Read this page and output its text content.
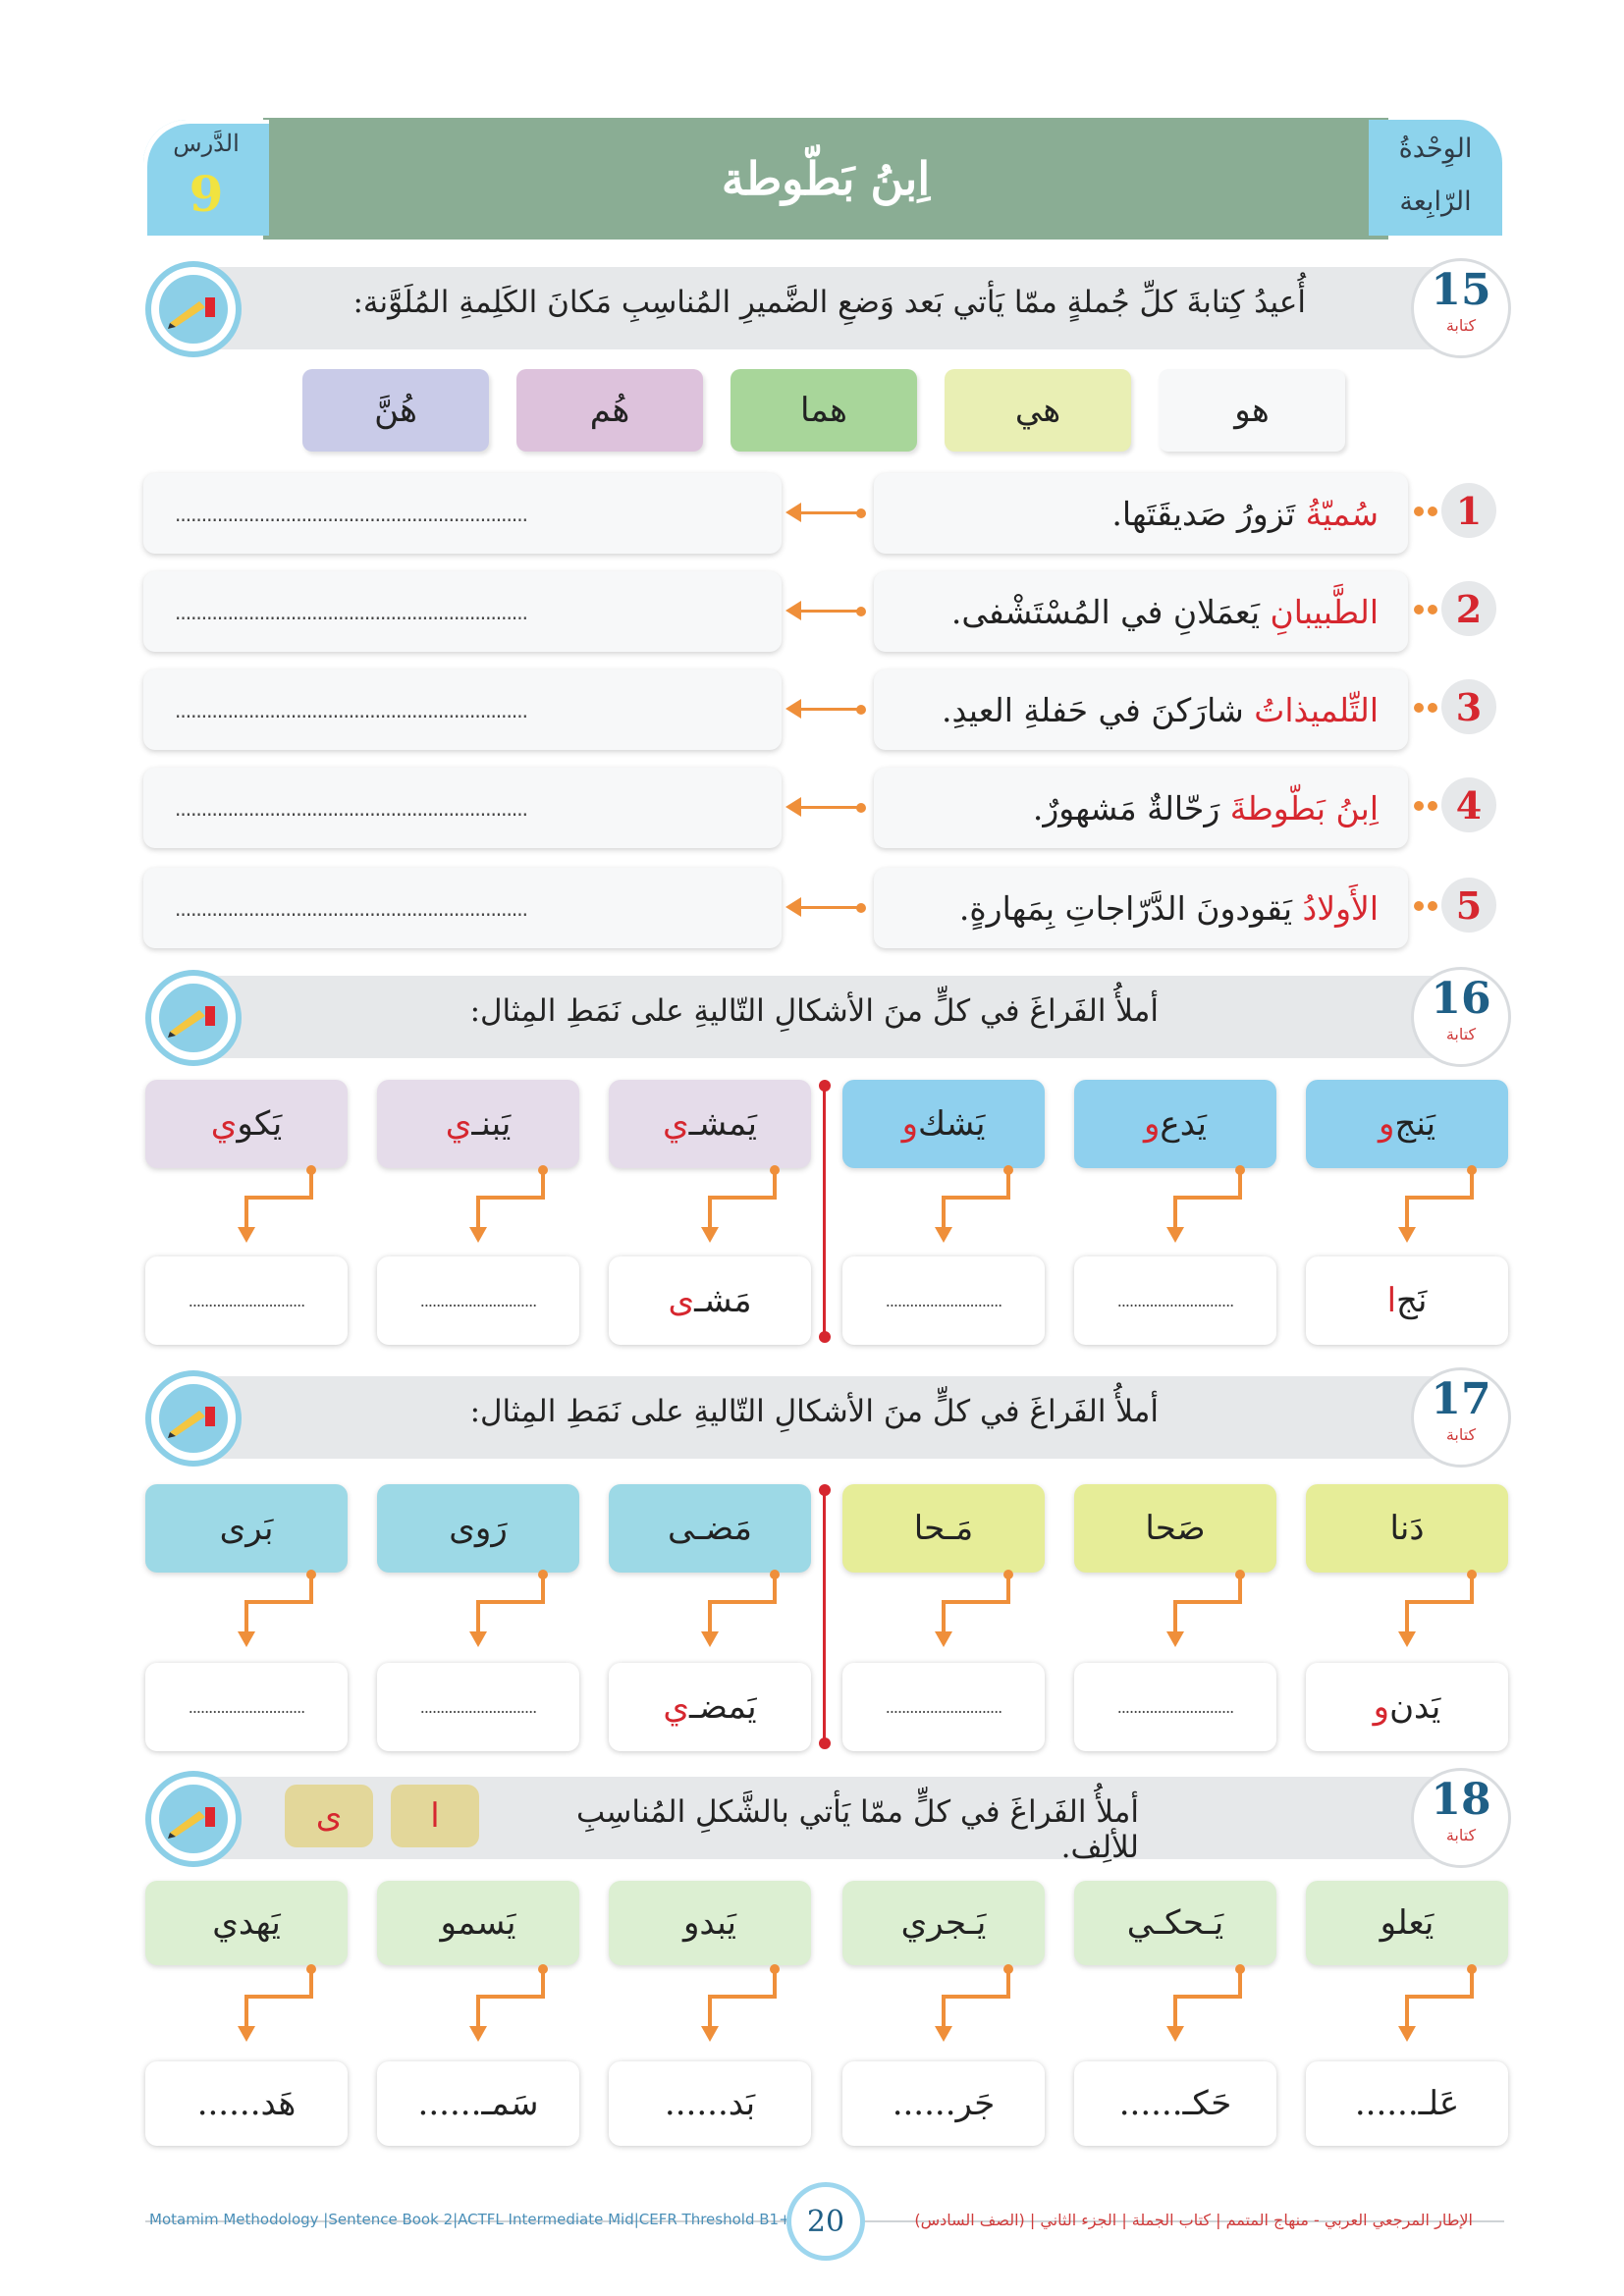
اِبنُ بَطّوطة
الدَّرس
9
الوِحْدةُ
الرّابِعة
15
كتابة
أُعيدُ كِتابةَ كلِّ جُملةٍ ممّا يَأتي بَعد وَضعِ الضَّميرِ المُناسِبِ مَكانَ الكَلِمةِ المُلَوَّنة:
هو
هي
هما
هُم
هُنَّ
1
سُميّةُ تَزورُ صَديقَتَها.
...................................................................
2
الطَّبيبانِ يَعمَلانِ في المُسْتَشْفى.
...................................................................
3
التِّلميذاتُ شارَكنَ في حَفلةِ العيدِ.
...................................................................
4
اِبنُ بَطّوطةَ رَحّالةٌ مَشهورٌ.
...................................................................
5
الأَولادُ يَقودونَ الدَّرّاجاتِ بِمَهارةٍ.
...................................................................
16
كتابة
أملأُ الفَراغَ في كلٍّ منَ الأشكالِ التّاليةِ على نَمَطِ المِثال:
يَنج
و
نَج
ا
يَدع
و
.............................
يَشك
و
.............................
يَمشـ
ي
مَشـ
ى
يَبنـ
ي
.............................
يَكو
ي
.............................
17
كتابة
أملأُ الفَراغَ في كلٍّ منَ الأشكالِ التّاليةِ على نَمَطِ المِثال:
دَنا
يَدن
و
صَحا
.............................
مَـحا
.............................
مَضـى
يَمضـ
ي
رَوى
.............................
بَرى
.............................
18
كتابة
أملأُ الفَراغَ في كلٍّ ممّا يَأتي بالشَّكلِ المُناسِبِ للألِف.
ا
ى
يَعلو
عَلـ......
يَـحكـي
حَكـ......
يَـجري
جَر......
يَبدو
بَد......
يَسمو
سَمـ......
يَهدي
هَد......
Motamim Methodology |Sentence Book 2|ACTFL Intermediate Mid|CEFR Threshold B1+ 20	الإطار المرجعي العربي - منهاج المتمم | كتاب الجملة | الجزء الثاني | (الصف السادس)
